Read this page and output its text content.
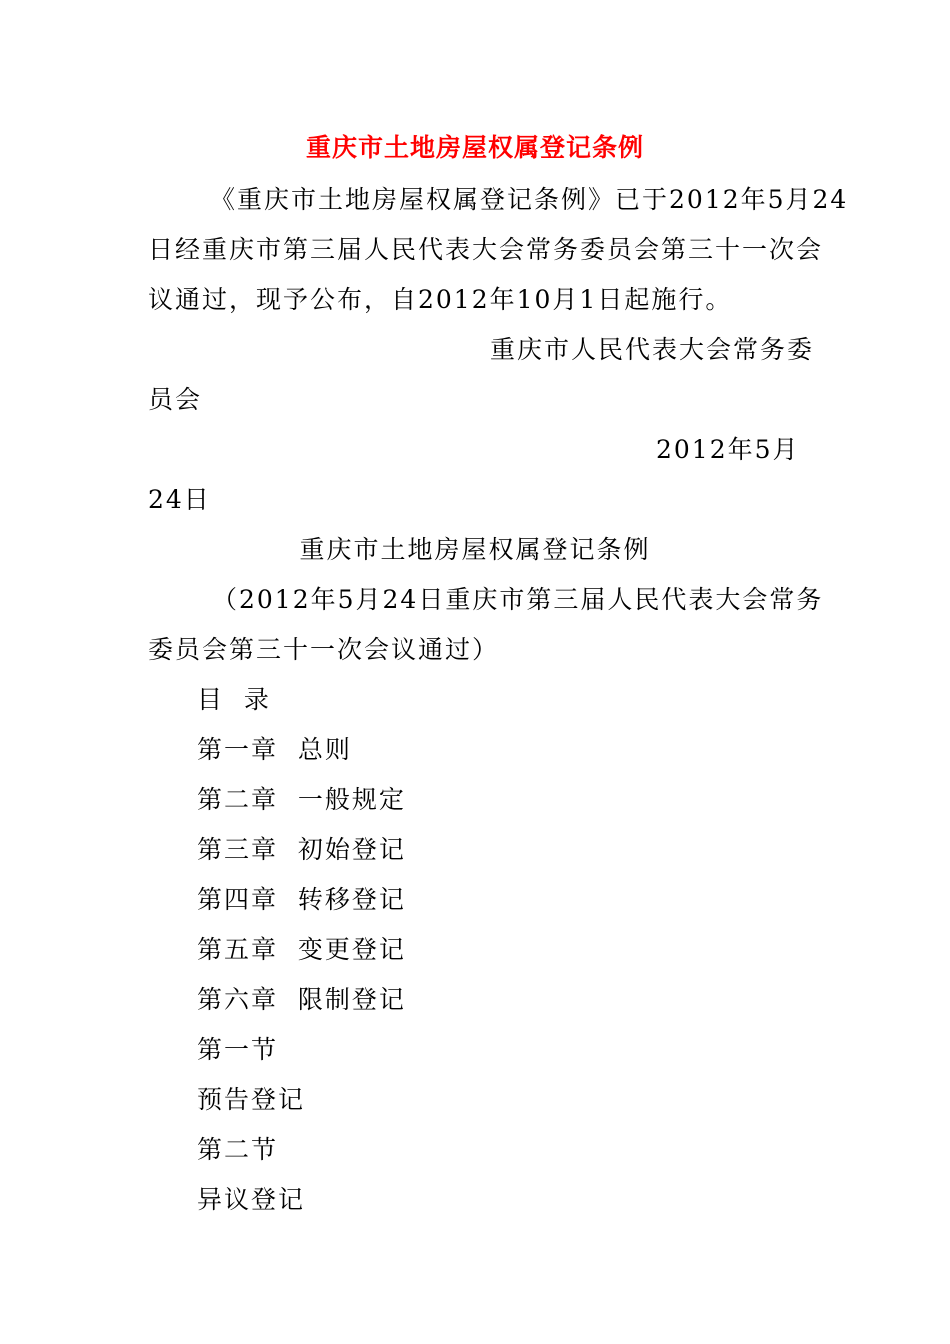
重庆市土地房屋权属登记条例
《重庆市土地房屋权属登记条例》已于2012年5月24
日经重庆市第三届人民代表大会常务委员会第三十一次会
议通过，现予公布，自2012年10月1日起施行。
重庆市人民代表大会常务委
员会
2012年5月
24日
重庆市土地房屋权属登记条例
（2012年5月24日重庆市第三届人民代表大会常务
委员会第三十一次会议通过）
目  录
第一章  总则
第二章  一般规定
第三章  初始登记
第四章  转移登记
第五章  变更登记
第六章  限制登记
第一节
预告登记
第二节
异议登记
